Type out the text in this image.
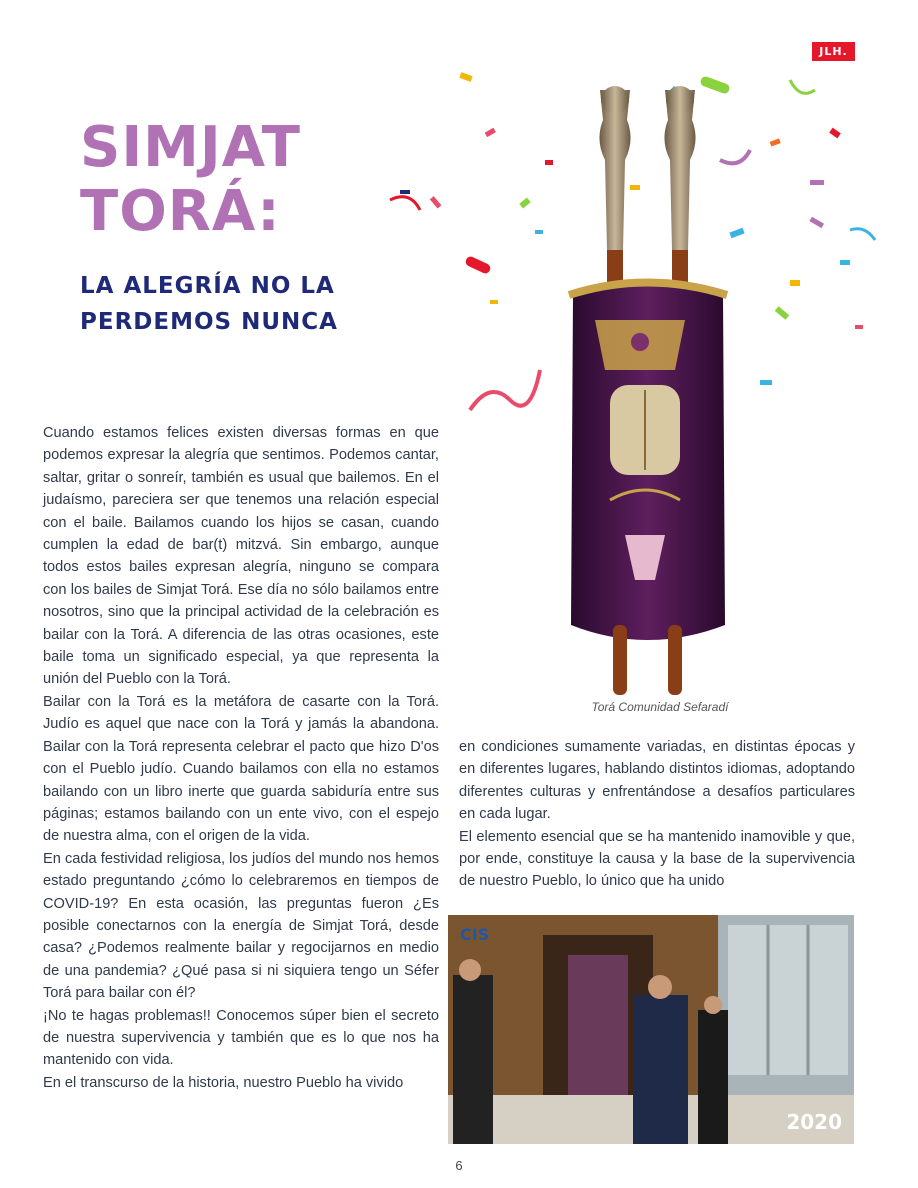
JLH.
SIMJAT
TORÁ:
LA ALEGRÍA NO LA
PERDEMOS NUNCA
Torá Comunidad Sefaradí

Cuando estamos felices existen diversas formas en que podemos expresar la alegría que sentimos. Podemos cantar, saltar, gritar o sonreír, también es usual que bailemos. En el judaísmo, pareciera ser que tenemos una relación especial con el baile. Bailamos cuando los hijos se casan, cuando cumplen la edad de bar(t) mitzvá. Sin embargo, aunque todos estos bailes expresan alegría, ninguno se compara con los bailes de Simjat Torá. Ese día no sólo bailamos entre nosotros, sino que la principal actividad de la celebración es bailar con la Torá. A diferencia de las otras ocasiones, este baile toma un significado especial, ya que representa la unión del Pueblo con la Torá.

Bailar con la Torá es la metáfora de casarte con la Torá. Judío es aquel que nace con la Torá y jamás la abandona. Bailar con la Torá representa celebrar el pacto que hizo D'os con el Pueblo judío. Cuando bailamos con ella no estamos bailando con un libro inerte que guarda sabiduría entre sus páginas; estamos bailando con un ente vivo, con el espejo de nuestra alma, con el origen de la vida.

En cada festividad religiosa, los judíos del mundo nos hemos estado preguntando ¿cómo lo celebraremos en tiempos de COVID-19? En esta ocasión, las preguntas fueron ¿Es posible conectarnos con la energía de Simjat Torá, desde casa? ¿Podemos realmente bailar y regocijarnos en medio de una pandemia? ¿Qué pasa si ni siquiera tengo un Séfer Torá para bailar con él?

¡No te hagas problemas!! Conocemos súper bien el secreto de nuestra supervivencia y también que es lo que nos ha mantenido con vida.

En el transcurso de la historia, nuestro Pueblo ha vivido

en condiciones sumamente variadas, en distintas épocas y en diferentes lugares, hablando distintos idiomas, adoptando diferentes culturas y enfrentándose a desafíos particulares en cada lugar.

El elemento esencial que se ha mantenido inamovible y que, por ende, constituye la causa y la base de la supervivencia de nuestro Pueblo, lo único que ha unido

CIS
2020
6
